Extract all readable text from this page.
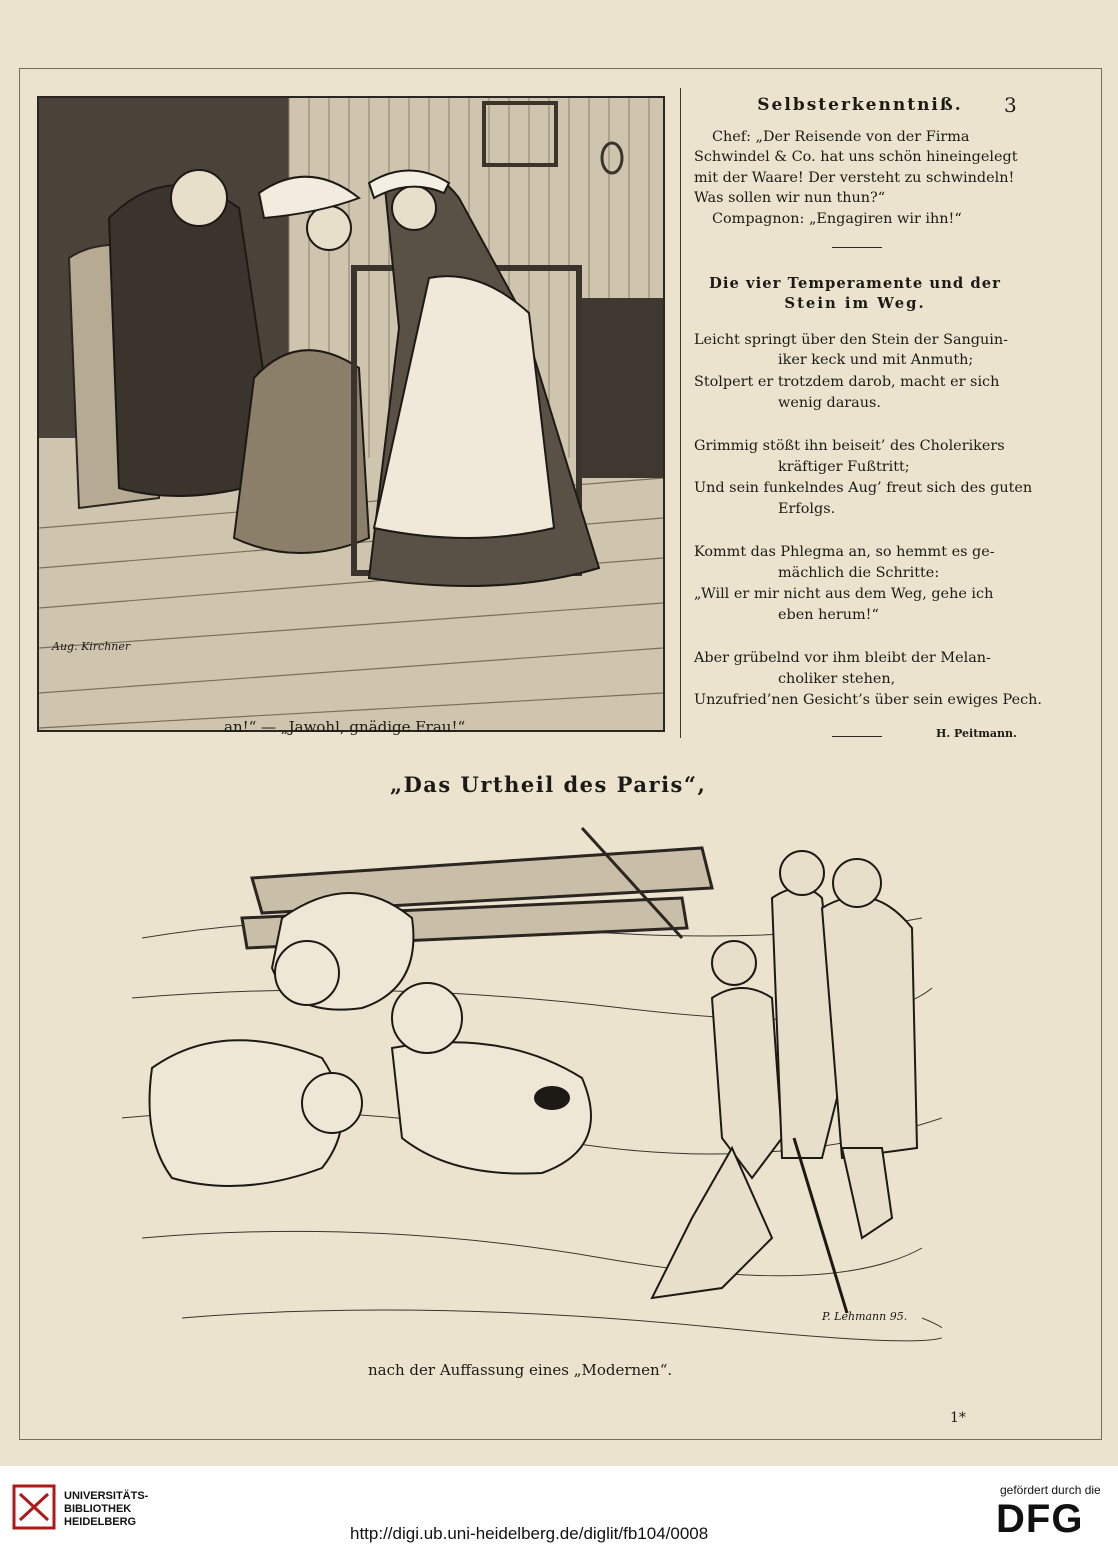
Aug. Kirchner
an!“ — „Jawohl, gnädige Frau!“
Selbsterkenntniß.	3
Chef: „Der Reisende von der Firma
Schwindel & Co. hat uns schön hineingelegt
mit der Waare! Der versteht zu schwindeln!
Was sollen wir nun thun?“
Compagnon: „Engagiren wir ihn!“
Die vier Temperamente und der
Stein im Weg.
Leicht springt über den Stein der Sanguin-
iker keck und mit Anmuth;
Stolpert er trotzdem darob, macht er sich
wenig daraus.
Grimmig stößt ihn beiseit’ des Cholerikers
kräftiger Fußtritt;
Und sein funkelndes Aug’ freut sich des guten
Erfolgs.
Kommt das Phlegma an, so hemmt es ge-
mächlich die Schritte:
„Will er mir nicht aus dem Weg, gehe ich
eben herum!“
Aber grübelnd vor ihm bleibt der Melan-
choliker stehen,
Unzufried’nen Gesicht’s über sein ewiges Pech.
H. Peitmann.
„Das Urtheil des Paris“,
P. Lehmann 95.
nach der Auffassung eines „Modernen“.
1*
UNIVERSITÄTS-
BIBLIOTHEK
HEIDELBERG
http://digi.ub.uni-heidelberg.de/diglit/fb104/0008
gefördert durch die
DFG
